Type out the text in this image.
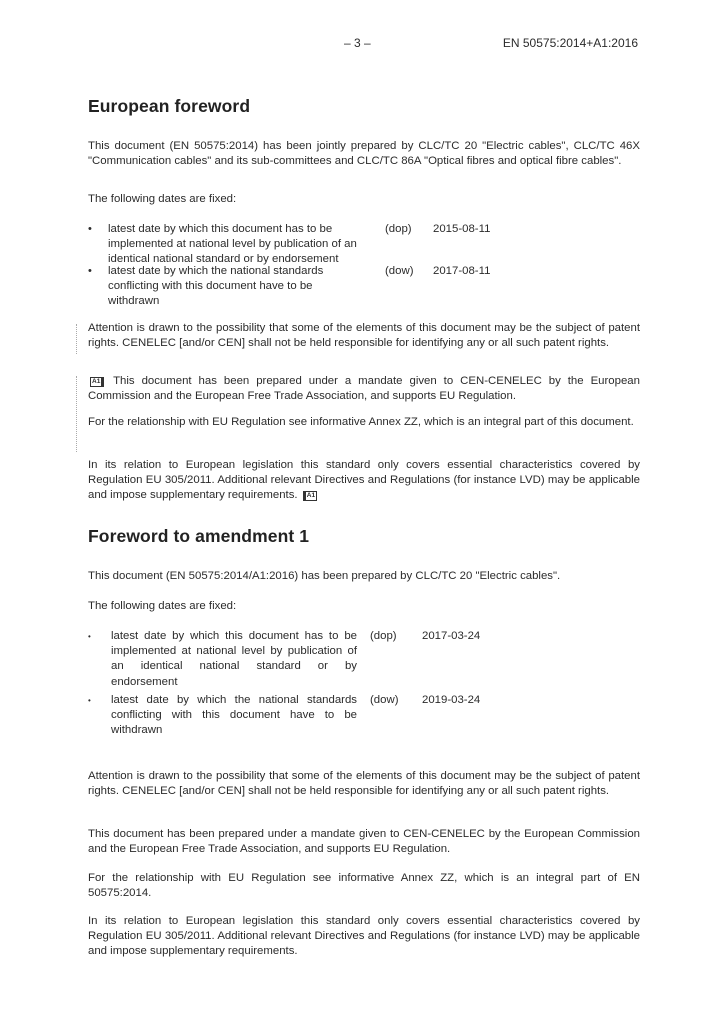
– 3 –	EN 50575:2014+A1:2016
European foreword

This document (EN 50575:2014) has been jointly prepared by CLC/TC 20 "Electric cables", CLC/TC 46X "Communication cables" and its sub-committees and CLC/TC 86A "Optical fibres and optical fibre cables".

The following dates are fixed:

• latest date by which this document has to be implemented at national level by publication of an identical national standard or by endorsement

(dop) 2015-08-11
• latest date by which the national standards conflicting with this document have to be withdrawn

(dow) 2017-08-11

Attention is drawn to the possibility that some of the elements of this document may be the subject of patent rights. CENELEC [and/or CEN] shall not be held responsible for identifying any or all such patent rights.

A1 This document has been prepared under a mandate given to CEN-CENELEC by the European Commission and the European Free Trade Association, and supports EU Regulation.

For the relationship with EU Regulation see informative Annex ZZ, which is an integral part of this document.

In its relation to European legislation this standard only covers essential characteristics covered by Regulation EU 305/2011. Additional relevant Directives and Regulations (for instance LVD) may be applicable and impose supplementary requirements. A1

Foreword to amendment 1

This document (EN 50575:2014/A1:2016) has been prepared by CLC/TC 20 "Electric cables".

The following dates are fixed:

• latest date by which this document has to be implemented at national level by publication of an identical national standard or by endorsement

(dop) 2017-03-24
• latest date by which the national standards conflicting with this document have to be withdrawn

(dow) 2019-03-24

Attention is drawn to the possibility that some of the elements of this document may be the subject of patent rights. CENELEC [and/or CEN] shall not be held responsible for identifying any or all such patent rights.

This document has been prepared under a mandate given to CEN-CENELEC by the European Commission and the European Free Trade Association, and supports EU Regulation.

For the relationship with EU Regulation see informative Annex ZZ, which is an integral part of EN 50575:2014.

In its relation to European legislation this standard only covers essential characteristics covered by Regulation EU 305/2011. Additional relevant Directives and Regulations (for instance LVD) may be applicable and impose supplementary requirements.
